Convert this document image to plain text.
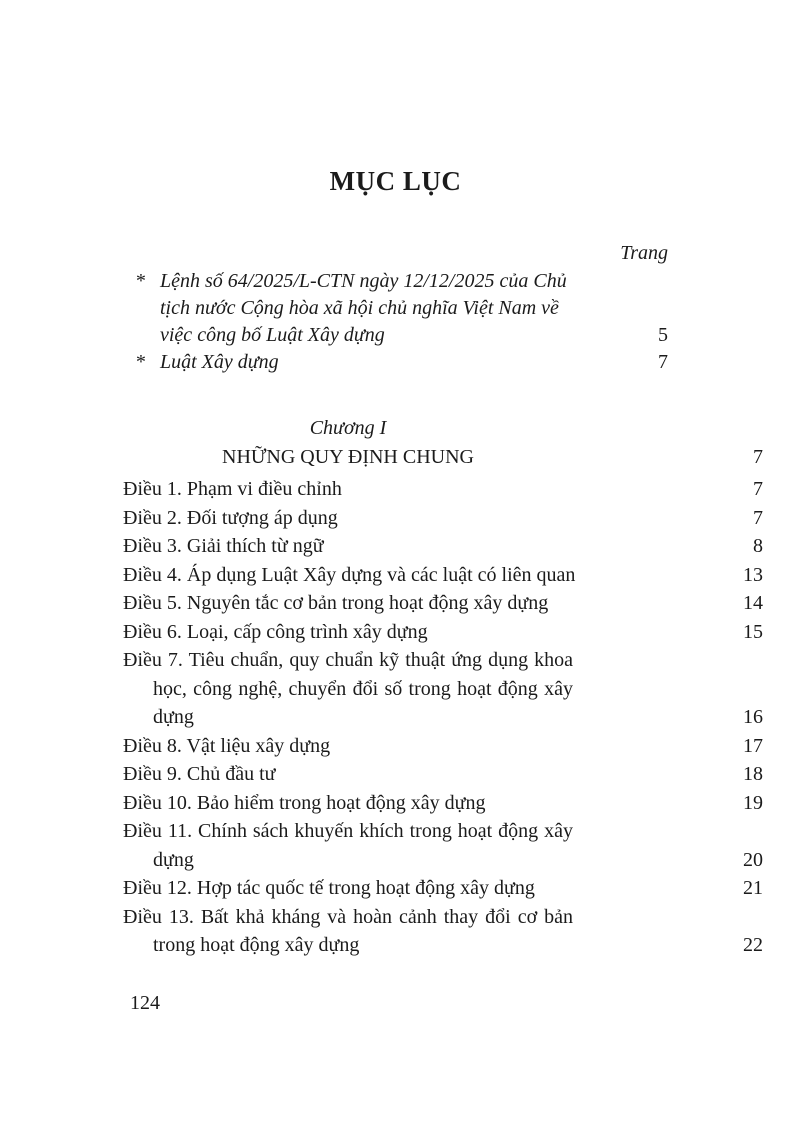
MỤC LỤC
Trang
* Lệnh số 64/2025/L-CTN ngày 12/12/2025 của Chủ tịch nước Cộng hòa xã hội chủ nghĩa Việt Nam về việc công bố Luật Xây dựng	5
* Luật Xây dựng	7
Chương I
NHỮNG QUY ĐỊNH CHUNG	7
Điều 1. Phạm vi điều chỉnh	7
Điều 2. Đối tượng áp dụng	7
Điều 3. Giải thích từ ngữ	8
Điều 4. Áp dụng Luật Xây dựng và các luật có liên quan	13
Điều 5. Nguyên tắc cơ bản trong hoạt động xây dựng	14
Điều 6. Loại, cấp công trình xây dựng	15
Điều 7. Tiêu chuẩn, quy chuẩn kỹ thuật ứng dụng khoa học, công nghệ, chuyển đổi số trong hoạt động xây dựng	16
Điều 8. Vật liệu xây dựng	17
Điều 9. Chủ đầu tư	18
Điều 10. Bảo hiểm trong hoạt động xây dựng	19
Điều 11. Chính sách khuyến khích trong hoạt động xây dựng	20
Điều 12. Hợp tác quốc tế trong hoạt động xây dựng	21
Điều 13. Bất khả kháng và hoàn cảnh thay đổi cơ bản trong hoạt động xây dựng	22
124
